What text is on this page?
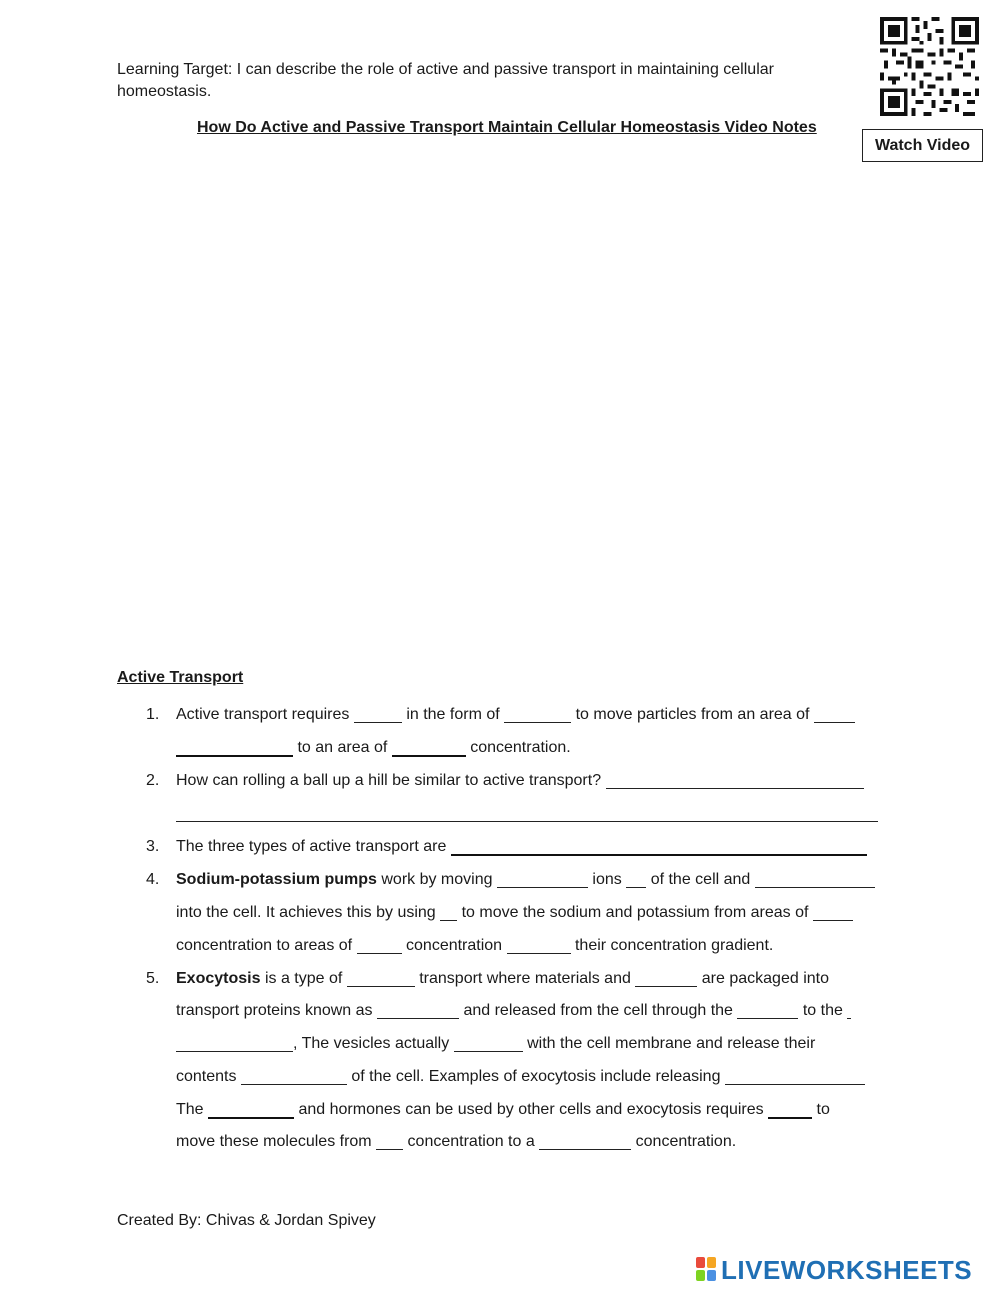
Learning Target: I can describe the role of active and passive transport in maintaining cellular homeostasis.
How Do Active and Passive Transport Maintain Cellular Homeostasis Video Notes
Watch Video
Active Transport
1.	Active transport requires	in the form of	to move particles from an area of
to an area of	concentration.
2.	How can rolling a ball up a hill be similar to active transport?
3.	The three types of active transport are
4.	Sodium-potassium pumps work by moving	ions of the cell and
into the cell. It achieves this by using to move the sodium and potassium from areas of
concentration to areas of	concentration	their concentration gradient.
5.	Exocytosis is a type of	transport where materials and	are packaged into
transport proteins known as	and released from the cell through the	to the
, The vesicles actually	with the cell membrane and release their
contents	of the cell. Examples of exocytosis include releasing
The	and hormones can be used by other cells and exocytosis requires	to
move these molecules from concentration to a	concentration.
Created By: Chivas & Jordan Spivey
LIVEWORKSHEETS
